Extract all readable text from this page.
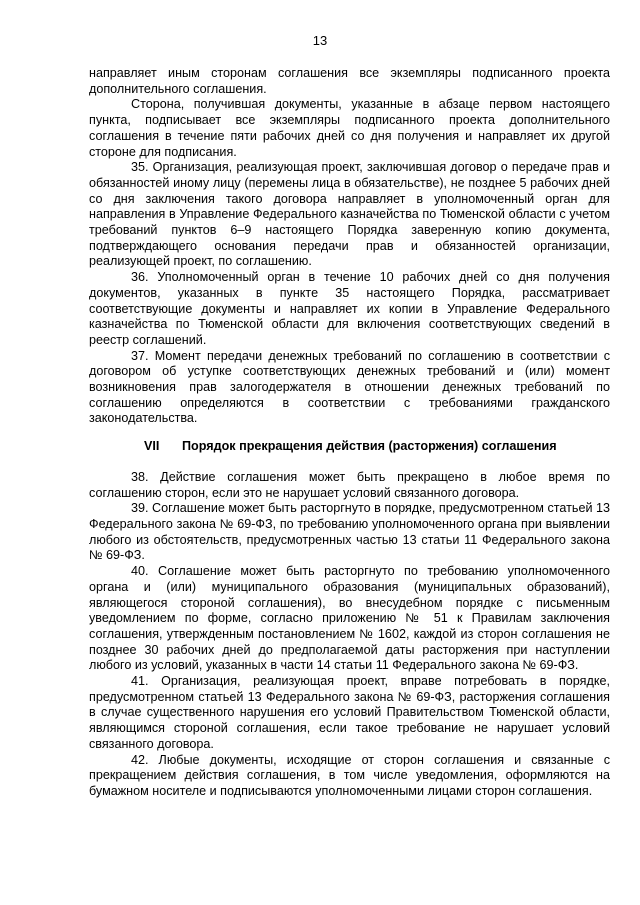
13

направляет иным сторонам соглашения все экземпляры подписанного проекта дополнительного соглашения.

Сторона, получившая документы, указанные в абзаце первом настоящего пункта, подписывает все экземпляры подписанного проекта дополнительного соглашения в течение пяти рабочих дней со дня получения и направляет их другой стороне для подписания.

35. Организация, реализующая проект, заключившая договор о передаче прав и обязанностей иному лицу (перемены лица в обязательстве), не позднее 5 рабочих дней со дня заключения такого договора направляет в уполномоченный орган для направления в Управление Федерального казначейства по Тюменской области с учетом требований пунктов 6–9 настоящего Порядка заверенную копию документа, подтверждающего основания передачи прав и обязанностей организации, реализующей проект, по соглашению.

36. Уполномоченный орган в течение 10 рабочих дней со дня получения документов, указанных в пункте 35 настоящего Порядка, рассматривает соответствующие документы и направляет их копии в Управление Федерального казначейства по Тюменской области для включения соответствующих сведений в реестр соглашений.

37. Момент передачи денежных требований по соглашению в соответствии с договором об уступке соответствующих денежных требований и (или) момент возникновения прав залогодержателя в отношении денежных требований по соглашению определяются в соответствии с требованиями гражданского законодательства.

VII Порядок прекращения действия (расторжения) соглашения

38. Действие соглашения может быть прекращено в любое время по соглашению сторон, если это не нарушает условий связанного договора.

39. Соглашение может быть расторгнуто в порядке, предусмотренном статьей 13 Федерального закона № 69-ФЗ, по требованию уполномоченного органа при выявлении любого из обстоятельств, предусмотренных частью 13 статьи 11 Федерального закона № 69-ФЗ.

40. Соглашение может быть расторгнуто по требованию уполномоченного органа и (или) муниципального образования (муниципальных образований), являющегося стороной соглашения), во внесудебном порядке с письменным уведомлением по форме, согласно приложению № 51 к Правилам заключения соглашения, утвержденным постановлением № 1602, каждой из сторон соглашения не позднее 30 рабочих дней до предполагаемой даты расторжения при наступлении любого из условий, указанных в части 14 статьи 11 Федерального закона № 69-ФЗ.

41. Организация, реализующая проект, вправе потребовать в порядке, предусмотренном статьей 13 Федерального закона № 69-ФЗ, расторжения соглашения в случае существенного нарушения его условий Правительством Тюменской области, являющимся стороной соглашения, если такое требование не нарушает условий связанного договора.

42. Любые документы, исходящие от сторон соглашения и связанные с прекращением действия соглашения, в том числе уведомления, оформляются на бумажном носителе и подписываются уполномоченными лицами сторон соглашения.
